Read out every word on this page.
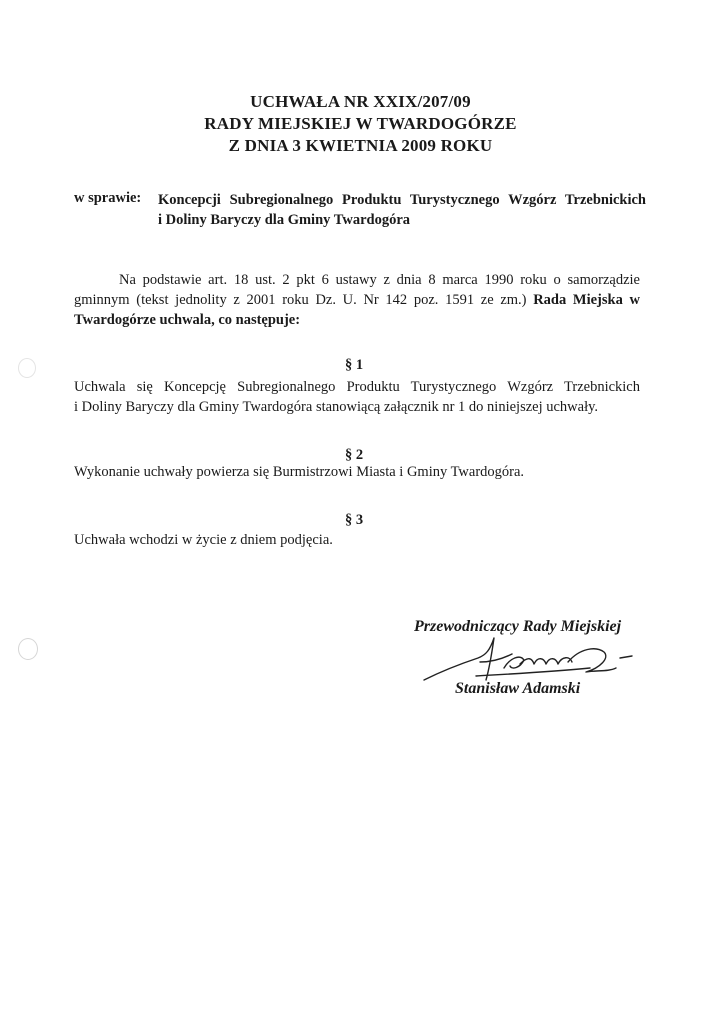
UCHWAŁA NR XXIX/207/09
RADY MIEJSKIEJ W TWARDOGÓRZE
Z DNIA 3 KWIETNIA 2009 ROKU
w sprawie: Koncepcji Subregionalnego Produktu Turystycznego Wzgórz Trzebnickich
i Doliny Baryczy dla Gminy Twardogóra
Na podstawie art. 18 ust. 2 pkt 6 ustawy z dnia 8 marca 1990 roku o samorządzie
gminnym (tekst jednolity z 2001 roku Dz. U. Nr 142 poz. 1591 ze zm.) Rada Miejska w
Twardogórze uchwala, co następuje:
§ 1
Uchwala się Koncepcję Subregionalnego Produktu Turystycznego Wzgórz Trzebnickich
i Doliny Baryczy dla Gminy Twardogóra stanowiącą załącznik nr 1 do niniejszej uchwały.
§ 2
Wykonanie uchwały powierza się Burmistrzowi Miasta i Gminy Twardogóra.
§ 3
Uchwała wchodzi w życie z dniem podjęcia.
Przewodniczący Rady Miejskiej
Stanisław Adamski
